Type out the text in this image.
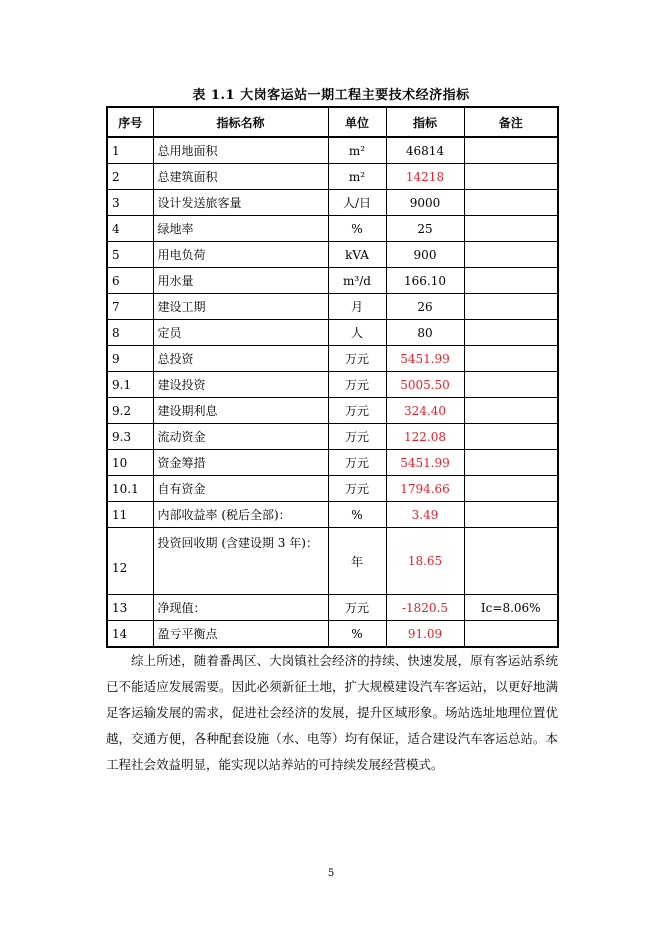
表 1.1 大岗客运站一期工程主要技术经济指标
序号	指标名称	单位	指标	备注
1	总用地面积	m²	46814	
2	总建筑面积	m²	14218	
3	设计发送旅客量	人/日	9000	
4	绿地率	%	25	
5	用电负荷	kVA	900	
6	用水量	m³/d	166.10	
7	建设工期	月	26	
8	定员	人	80	
9	总投资	万元	5451.99	
9.1	建设投资	万元	5005.50	
9.2	建设期利息	万元	324.40	
9.3	流动资金	万元	122.08	
10	资金筹措	万元	5451.99	
10.1	自有资金	万元	1794.66	
11	内部收益率 (税后全部)：	%	3.49	
12	投资回收期 (含建设期 3 年)：	年	18.65	
13	净现值：	万元	-1820.5	Ic=8.06%
14	盈亏平衡点	%	91.09	

综上所述，随着番禺区、大岗镇社会经济的持续、快速发展，原有客运站系统已不能适应发展需要。因此必须新征土地，扩大规模建设汽车客运站，以更好地满足客运输发展的需求，促进社会经济的发展，提升区域形象。场站选址地理位置优越，交通方便，各种配套设施（水、电等）均有保证，适合建设汽车客运总站。本工程社会效益明显，能实现以站养站的可持续发展经营模式。

5
